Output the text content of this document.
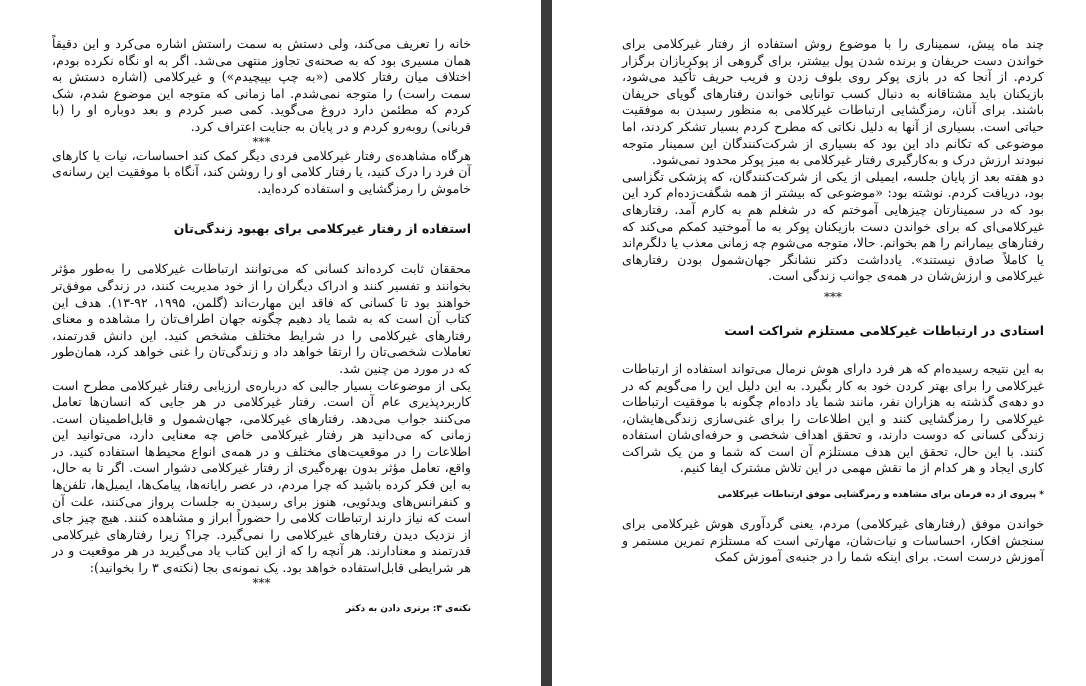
خانه را تعریف می‌کند، ولی دستش به سمت راستش اشاره می‌کرد و این دقیقاً همان مسیری بود که به صحنه‌ی تجاوز منتهی می‌شد. اگر به او نگاه نکرده بودم، اختلاف میان رفتار کلامی («به چپ بپیچیدم») و غیرکلامی (اشاره دستش به سمت راست) را متوجه نمی‌شدم. اما زمانی که متوجه این موضوع شدم، شک کردم که مطئمن دارد دروغ می‌گوید. کمی صبر کردم و بعد دوباره او را (با قربانی) روبه‌رو کردم و در پایان به جنایت اعتراف کرد.

***

هرگاه مشاهده‌ی رفتار غیرکلامی فردی دیگر کمک کند احساسات، نیات یا کارهای آن فرد را درک کنید، یا رفتار کلامی او را روشن کند، آنگاه با موفقیت این رسانه‌ی خاموش را رمزگشایی و استفاده کرده‌اید.

استفاده از رفتار غیرکلامی برای بهبود زندگی‌تان

محققان ثابت کرده‌اند کسانی که می‌توانند ارتباطات غیرکلامی را به‌طور مؤثر بخوانند و تفسیر کنند و ادراک دیگران را از خود مدیریت کنند، در زندگی موفق‌تر خواهند بود تا کسانی که فاقد این مهارت‌اند (گلمن، ۱۹۹۵، ۹۲-۱۳). هدف این کتاب آن است که به شما یاد دهیم چگونه جهان اطراف‌تان را مشاهده و معنای رفتارهای غیرکلامی را در شرایط مختلف مشخص کنید. این دانش قدرتمند، تعاملات شخصی‌تان را ارتقا خواهد داد و زندگی‌تان را غنی خواهد کرد، همان‌طور که در مورد من چنین شد.

یکی از موضوعات بسیار جالبی که درباره‌ی ارزیابی رفتار غیرکلامی مطرح است کاربردپذیری عام آن است. رفتار غیرکلامی در هر جایی که انسان‌ها تعامل می‌کنند جواب می‌دهد. رفتارهای غیرکلامی، جهان‌شمول و قابل‌اطمینان است. زمانی که می‌دانید هر رفتار غیرکلامی خاص چه معنایی دارد، می‌توانید این اطلاعات را در موقعیت‌های مختلف و در همه‌ی انواع محیط‌ها استفاده کنید. در واقع، تعامل مؤثر بدون بهره‌گیری از رفتار غیرکلامی دشوار است. اگر تا به حال، به این فکر کرده باشید که چرا مردم، در عصر رایانه‌ها، پیامک‌ها، ایمیل‌ها، تلفن‌ها و کنفرانس‌های ویدئویی، هنوز برای رسیدن به جلسات پرواز می‌کنند، علت آن است که نیاز دارند ارتباطات کلامی را حضوراً ابراز و مشاهده کنند. هیچ چیز جای از نزدیک دیدن رفتارهای غیرکلامی را نمی‌گیرد. چرا؟ زیرا رفتارهای غیرکلامی قدرتمند و معنادارند. هر آنچه را که از این کتاب یاد می‌گیرید در هر موقعیت و در هر شرایطی قابل‌استفاده خواهد بود. یک نمونه‌ی بجا (نکته‌ی ۳ را بخوانید):

***

نکته‌ی ۳: برتری دادن به دکتر

چند ماه پیش، سمیناری را با موضوع روش استفاده از رفتار غیرکلامی برای خواندن دست حریفان و برنده شدن پول بیشتر، برای گروهی از پوکربازان برگزار کردم. از آنجا که در بازی پوکر روی بلوف زدن و فریب حریف تأکید می‌شود، بازیکنان باید مشتاقانه به دنبال کسب توانایی خواندن رفتارهای گویای حریفان باشند. برای آنان، رمزگشایی ارتباطات غیرکلامی به منظور رسیدن به موفقیت حیاتی است. بسیاری از آنها به دلیل نکاتی که مطرح کردم بسیار تشکر کردند، اما موضوعی که تکانم داد این بود که بسیاری از شرکت‌کنندگان این سمینار متوجه نبودند ارزش درک و به‌کارگیری رفتار غیرکلامی به میز پوکر محدود نمی‌شود.

دو هفته بعد از پایان جلسه، ایمیلی از یکی از شرکت‌کنندگان، که پزشکی تگزاسی بود، دریافت کردم. نوشته بود: «موضوعی که بیشتر از همه شگفت‌زده‌ام کرد این بود که در سمینارتان چیزهایی آموختم که در شغلم هم به کارم آمد. رفتارهای غیرکلامی‌ای که برای خواندن دست بازیکنان پوکر به ما آموختید کمکم می‌کند که رفتارهای بیمارانم را هم بخوانم. حالا، متوجه می‌شوم چه زمانی معذب یا دلگرم‌اند یا کاملاً صادق نیستند». یادداشت دکتر نشانگر جهان‌شمول بودن رفتارهای غیرکلامی و ارزش‌شان در همه‌ی جوانب زندگی است.

***

استادی در ارتباطات غیرکلامی مستلزم شراکت است

به این نتیجه رسیده‌ام که هر فرد دارای هوش نرمال می‌تواند استفاده از ارتباطات غیرکلامی را برای بهتر کردن خود به کار بگیرد. به این دلیل این را می‌گویم که در دو دهه‌ی گذشته به هزاران نفر، مانند شما یاد داده‌ام چگونه با موفقیت ارتباطات غیرکلامی را رمزگشایی کنند و این اطلاعات را برای غنی‌سازی زندگی‌هایشان، زندگی کسانی که دوست دارند، و تحقق اهداف شخصی و حرفه‌ای‌شان استفاده کنند. با این حال، تحقق این هدف مستلزم آن است که شما و من یک شراکت کاری ایجاد و هر کدام از ما نقش مهمی در این تلاش مشترک ایفا کنیم.

* پیروی از ده فرمان برای مشاهده و رمزگشایی موفق ارتباطات غیرکلامی

خواندن موفق (رفتارهای غیرکلامی) مردم، یعنی گردآوری هوش غیرکلامی برای سنجش افکار، احساسات و نیات‌شان، مهارتی است که مستلزم تمرین مستمر و آموزش درست است. برای اینکه شما را در جنبه‌ی آموزش کمک
